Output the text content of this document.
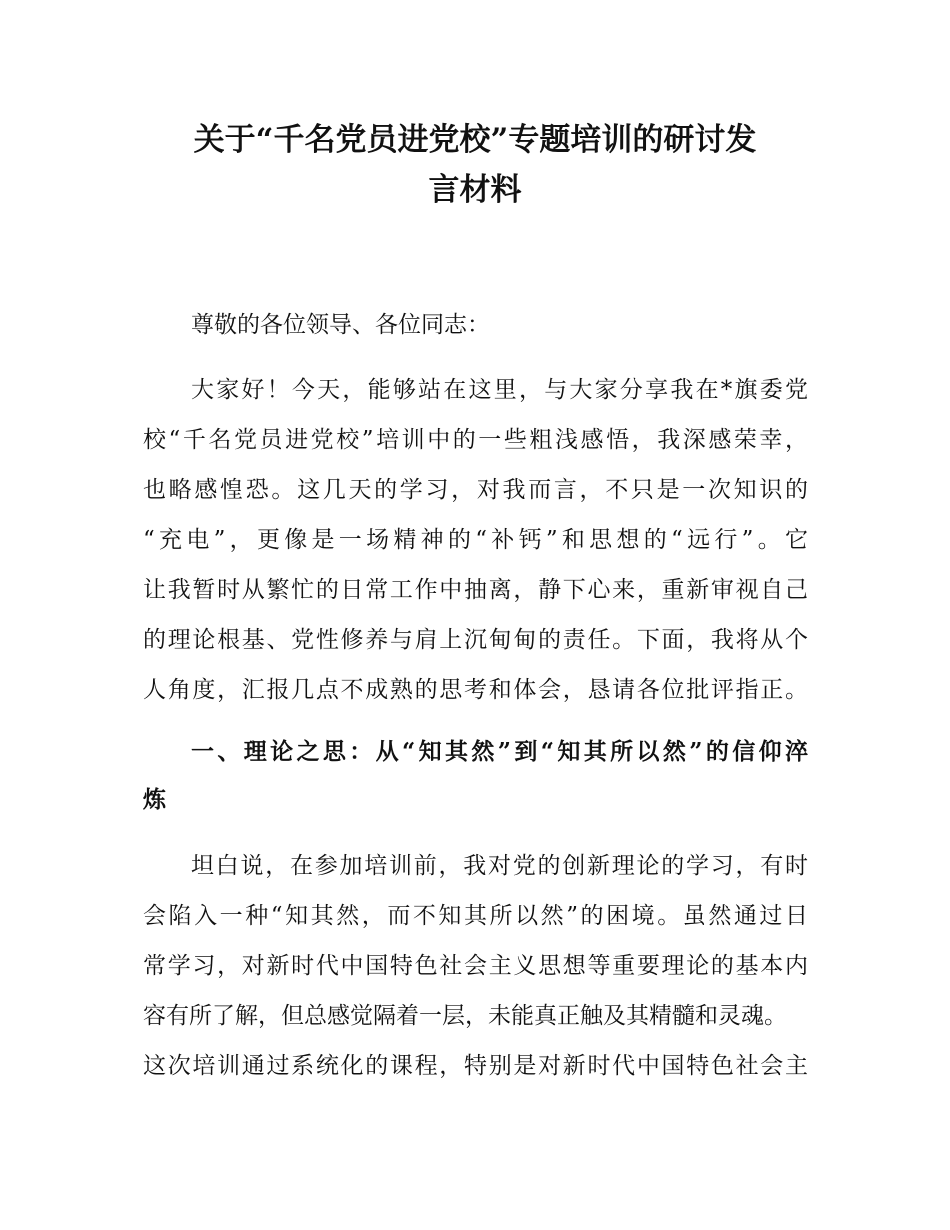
关于“千名党员进党校”专题培训的研讨发
言材料
尊敬的各位领导、各位同志：
大家好！今天，能够站在这里，与大家分享我在*旗委党
校“千名党员进党校”培训中的一些粗浅感悟，我深感荣幸，
也略感惶恐。这几天的学习，对我而言，不只是一次知识的
“充电”，更像是一场精神的“补钙”和思想的“远行”。它
让我暂时从繁忙的日常工作中抽离，静下心来，重新审视自己
的理论根基、党性修养与肩上沉甸甸的责任。下面，我将从个
人角度，汇报几点不成熟的思考和体会，恳请各位批评指正。
一、理论之思：从“知其然”到“知其所以然”的信仰淬
炼
坦白说，在参加培训前，我对党的创新理论的学习，有时
会陷入一种“知其然，而不知其所以然”的困境。虽然通过日
常学习，对新时代中国特色社会主义思想等重要理论的基本内
容有所了解，但总感觉隔着一层，未能真正触及其精髓和灵魂。
这次培训通过系统化的课程，特别是对新时代中国特色社会主
